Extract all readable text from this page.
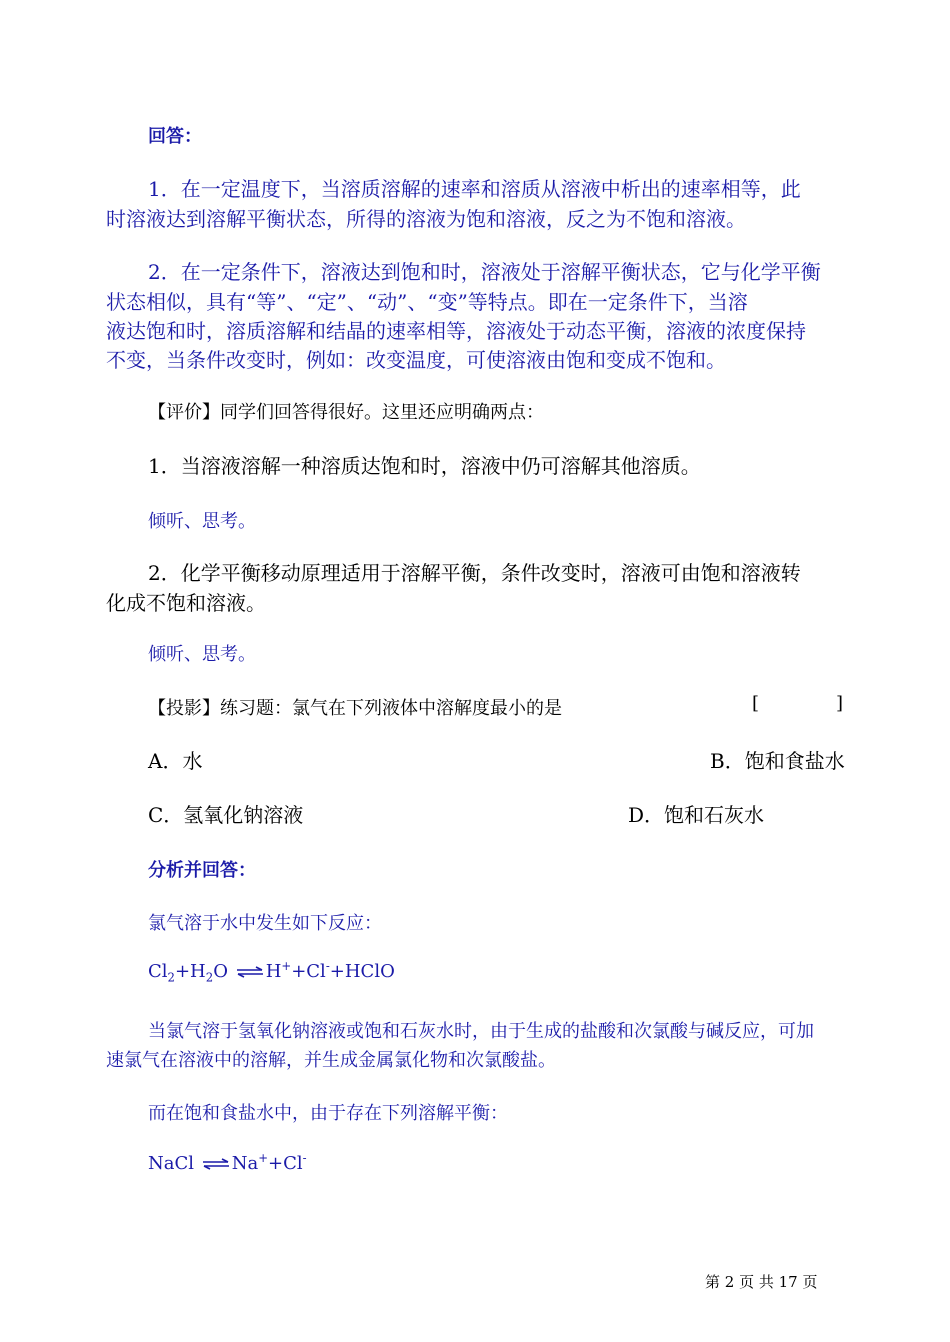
回答：
1．在一定温度下，当溶质溶解的速率和溶质从溶液中析出的速率相等，此
时溶液达到溶解平衡状态，所得的溶液为饱和溶液，反之为不饱和溶液。
2．在一定条件下，溶液达到饱和时，溶液处于溶解平衡状态，它与化学平衡
状态相似，具有“等”、“定”、“动”、“变”等特点。即在一定条件下，当溶
液达饱和时，溶质溶解和结晶的速率相等，溶液处于动态平衡，溶液的浓度保持
不变，当条件改变时，例如：改变温度，可使溶液由饱和变成不饱和。
【评价】同学们回答得很好。这里还应明确两点：
1．当溶液溶解一种溶质达饱和时，溶液中仍可溶解其他溶质。
倾听、思考。
2．化学平衡移动原理适用于溶解平衡，条件改变时，溶液可由饱和溶液转
化成不饱和溶液。
倾听、思考。
【投影】练习题：氯气在下列液体中溶解度最小的是	[	]
A．水	B．饱和食盐水
C．氢氧化钠溶液	D．饱和石灰水
分析并回答：
氯气溶于水中发生如下反应：
$Cl_2+H_2O$ ⇌ H++Cl-+HClO
当氯气溶于氢氧化钠溶液或饱和石灰水时，由于生成的盐酸和次氯酸与碱反应，可加
速氯气在溶液中的溶解，并生成金属氯化物和次氯酸盐。
而在饱和食盐水中，由于存在下列溶解平衡：
NaCl ⇌ Na++Cl-
第 2 页 共 17 页
